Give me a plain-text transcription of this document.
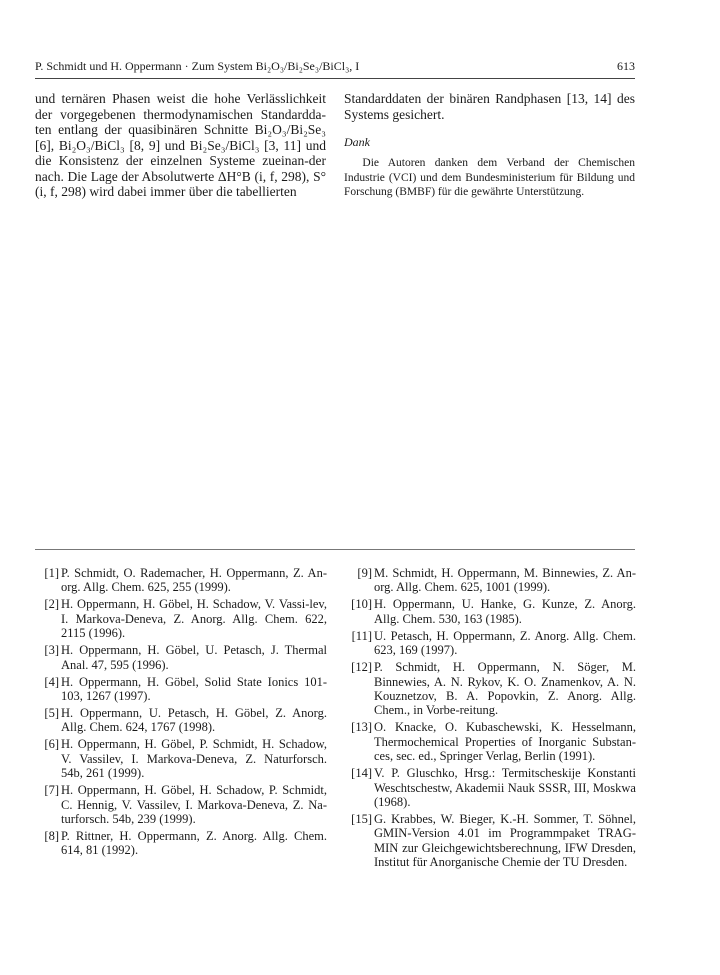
P. Schmidt und H. Oppermann · Zum System Bi₂O₃/Bi₂Se₃/BiCl₃, I	613

und ternären Phasen weist die hohe Verlässlichkeit der vorgegebenen thermodynamischen Standardda-ten entlang der quasibinären Schnitte Bi₂O₃/Bi₂Se₃ [6], Bi₂O₃/BiCl₃ [8, 9] und Bi₂Se₃/BiCl₃ [3, 11] und die Konsistenz der einzelnen Systeme zueinan-der nach. Die Lage der Absolutwerte ΔH°B (i, f, 298), S°(i, f, 298) wird dabei immer über die tabellierten

Standarddaten der binären Randphasen [13, 14] des Systems gesichert.

Dank

Die Autoren danken dem Verband der Chemischen Industrie (VCI) und dem Bundesministerium für Bildung und Forschung (BMBF) für die gewährte Unterstützung.

[1] P. Schmidt, O. Rademacher, H. Oppermann, Z. An-org. Allg. Chem. 625, 255 (1999).
[2] H. Oppermann, H. Göbel, H. Schadow, V. Vassi-lev, I. Markova-Deneva, Z. Anorg. Allg. Chem. 622, 2115 (1996).
[3] H. Oppermann, H. Göbel, U. Petasch, J. Thermal Anal. 47, 595 (1996).
[4] H. Oppermann, H. Göbel, Solid State Ionics 101-103, 1267 (1997).
[5] H. Oppermann, U. Petasch, H. Göbel, Z. Anorg. Allg. Chem. 624, 1767 (1998).
[6] H. Oppermann, H. Göbel, P. Schmidt, H. Schadow, V. Vassilev, I. Markova-Deneva, Z. Naturforsch. 54b, 261 (1999).
[7] H. Oppermann, H. Göbel, H. Schadow, P. Schmidt, C. Hennig, V. Vassilev, I. Markova-Deneva, Z. Na-turforsch. 54b, 239 (1999).
[8] P. Rittner, H. Oppermann, Z. Anorg. Allg. Chem. 614, 81 (1992).
[9] M. Schmidt, H. Oppermann, M. Binnewies, Z. An-org. Allg. Chem. 625, 1001 (1999).
[10] H. Oppermann, U. Hanke, G. Kunze, Z. Anorg. Allg. Chem. 530, 163 (1985).
[11] U. Petasch, H. Oppermann, Z. Anorg. Allg. Chem. 623, 169 (1997).
[12] P. Schmidt, H. Oppermann, N. Söger, M. Binnewies, A. N. Rykov, K. O. Znamenkov, A. N. Kouznetzov, B. A. Popovkin, Z. Anorg. Allg. Chem., in Vorbe-reitung.
[13] O. Knacke, O. Kubaschewski, K. Hesselmann, Thermochemical Properties of Inorganic Substan-ces, sec. ed., Springer Verlag, Berlin (1991).
[14] V. P. Gluschko, Hrsg.: Termitscheskije Konstanti Weschtschestw, Akademii Nauk SSSR, III, Moskwa (1968).
[15] G. Krabbes, W. Bieger, K.-H. Sommer, T. Söhnel, GMIN-Version 4.01 im Programmpaket TRAG-MIN zur Gleichgewichtsberechnung, IFW Dresden, Institut für Anorganische Chemie der TU Dresden.
